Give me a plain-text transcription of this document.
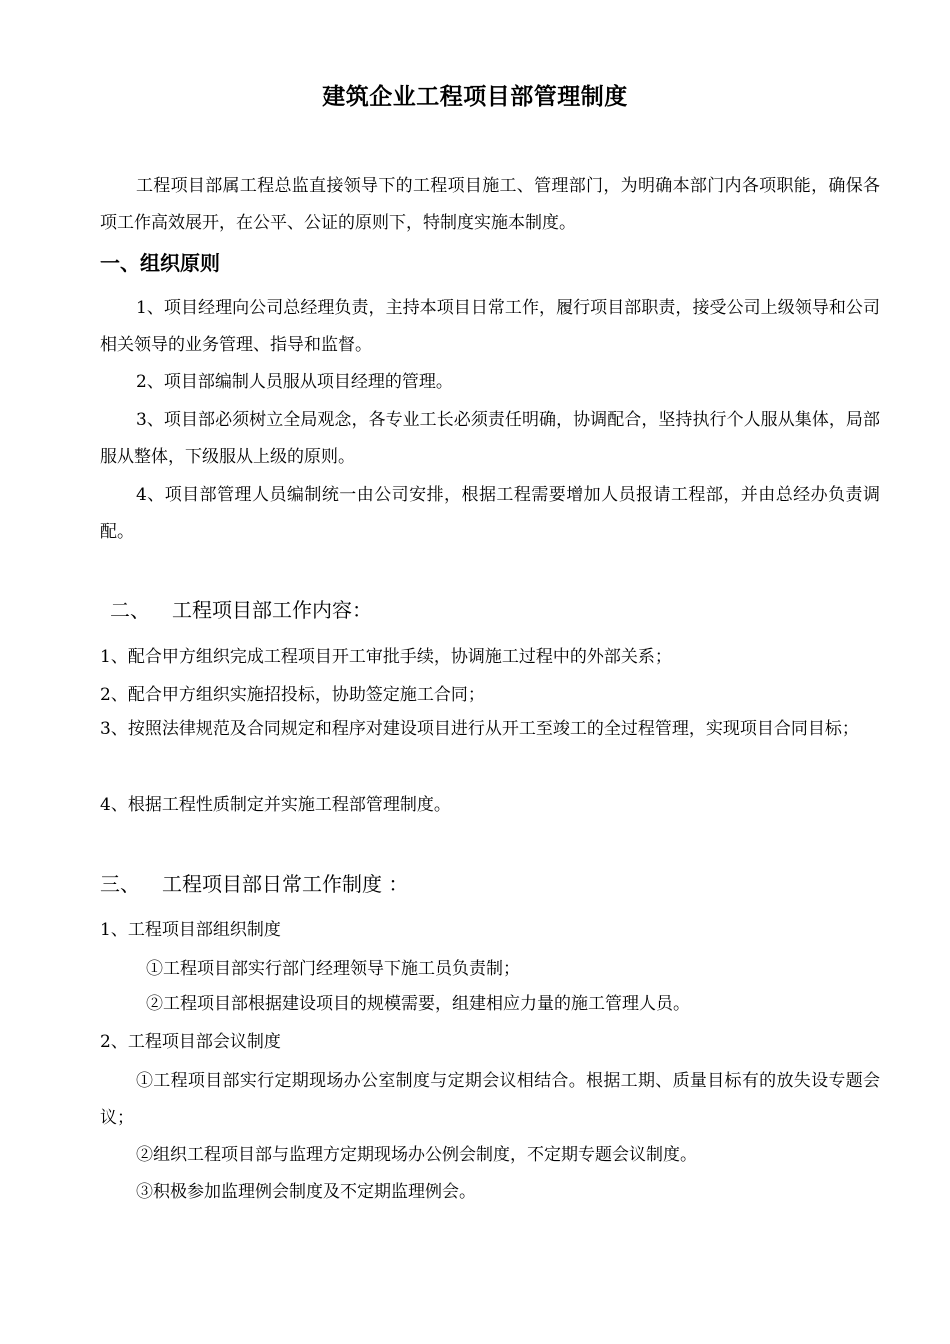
建筑企业工程项目部管理制度
工程项目部属工程总监直接领导下的工程项目施工、管理部门，为明确本部门内各项职能，确保各项工作高效展开，在公平、公证的原则下，特制度实施本制度。
一、组织原则
1、项目经理向公司总经理负责，主持本项目日常工作，履行项目部职责，接受公司上级领导和公司相关领导的业务管理、指导和监督。
2、项目部编制人员服从项目经理的管理。
3、项目部必须树立全局观念，各专业工长必须责任明确，协调配合，坚持执行个人服从集体，局部服从整体，下级服从上级的原则。
4、项目部管理人员编制统一由公司安排，根据工程需要增加人员报请工程部，并由总经办负责调配。
二、 工程项目部工作内容：
1、配合甲方组织完成工程项目开工审批手续，协调施工过程中的外部关系；
2、配合甲方组织实施招投标，协助签定施工合同；
3、按照法律规范及合同规定和程序对建设项目进行从开工至竣工的全过程管理，实现项目合同目标；
4、根据工程性质制定并实施工程部管理制度。
三、 工程项目部日常工作制度 ：
1、工程项目部组织制度
①工程项目部实行部门经理领导下施工员负责制；
②工程项目部根据建设项目的规模需要，组建相应力量的施工管理人员。
2、工程项目部会议制度
①工程项目部实行定期现场办公室制度与定期会议相结合。根据工期、质量目标有的放失设专题会议；
②组织工程项目部与监理方定期现场办公例会制度，不定期专题会议制度。
③积极参加监理例会制度及不定期监理例会。
